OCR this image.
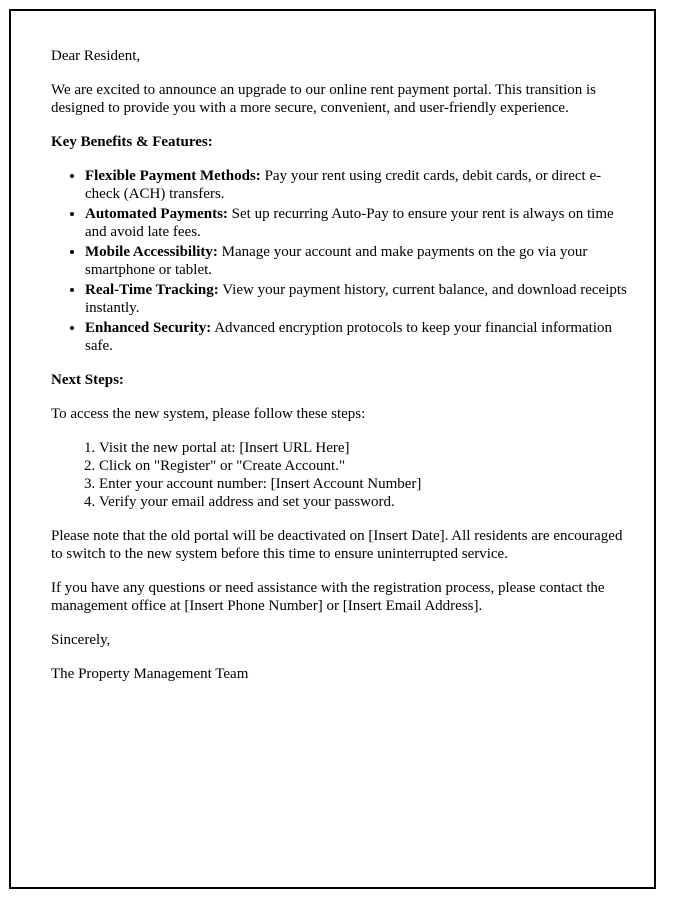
Dear Resident,

We are excited to announce an upgrade to our online rent payment portal. This transition is designed to provide you with a more secure, convenient, and user-friendly experience.

Key Benefits & Features:

• Flexible Payment Methods: Pay your rent using credit cards, debit cards, or direct e-check (ACH) transfers.
• Automated Payments: Set up recurring Auto-Pay to ensure your rent is always on time and avoid late fees.
• Mobile Accessibility: Manage your account and make payments on the go via your smartphone or tablet.
• Real-Time Tracking: View your payment history, current balance, and download receipts instantly.
• Enhanced Security: Advanced encryption protocols to keep your financial information safe.

Next Steps:

To access the new system, please follow these steps:

1. Visit the new portal at: [Insert URL Here]
2. Click on "Register" or "Create Account."
3. Enter your account number: [Insert Account Number]
4. Verify your email address and set your password.

Please note that the old portal will be deactivated on [Insert Date]. All residents are encouraged to switch to the new system before this time to ensure uninterrupted service.

If you have any questions or need assistance with the registration process, please contact the management office at [Insert Phone Number] or [Insert Email Address].

Sincerely,

The Property Management Team
